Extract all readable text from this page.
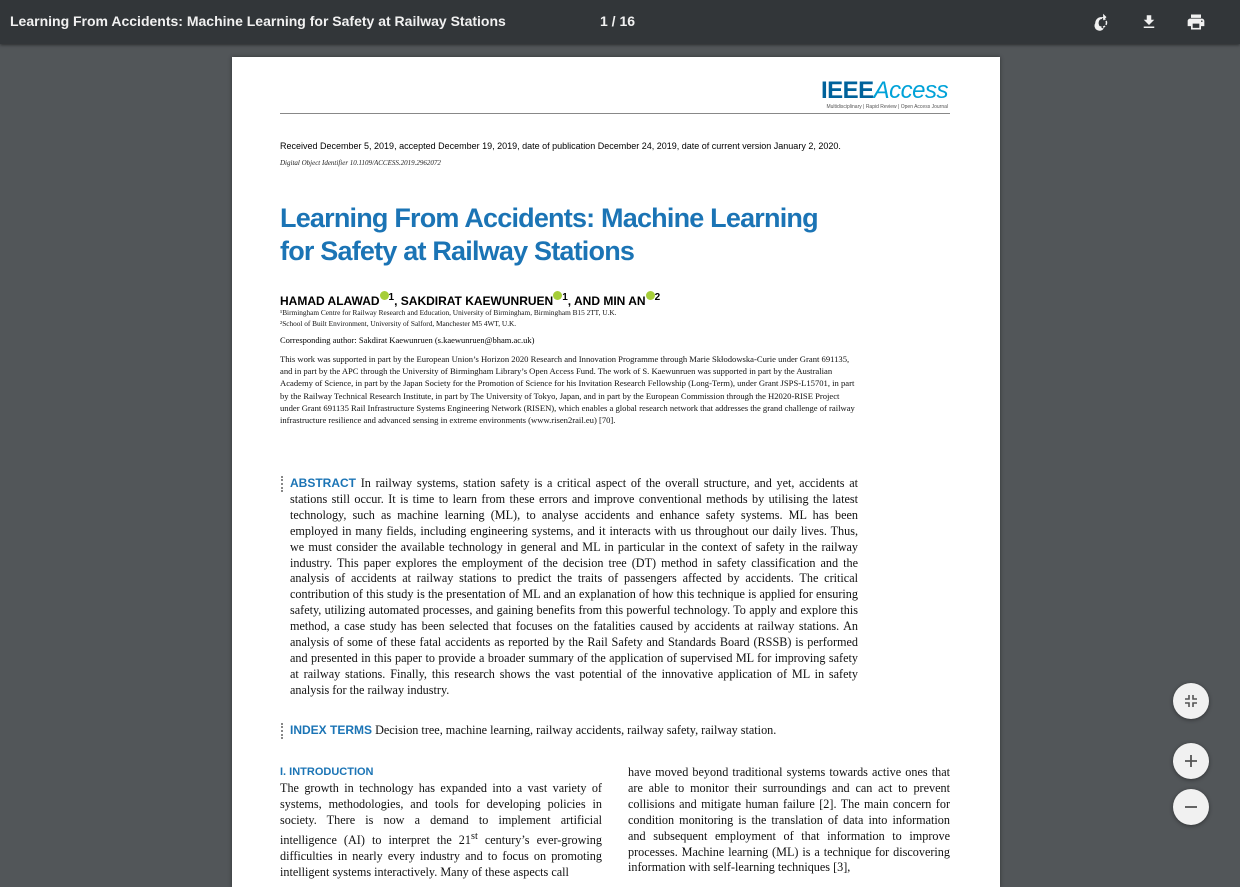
Learning From Accidents: Machine Learning for Safety at Railway Stations	1 / 16
IEEEAccess
Multidisciplinary | Rapid Review | Open Access Journal
Received December 5, 2019, accepted December 19, 2019, date of publication December 24, 2019, date of current version January 2, 2020.
Digital Object Identifier 10.1109/ACCESS.2019.2962072
Learning From Accidents: Machine Learning
for Safety at Railway Stations
HAMAD ALAWAD $^1$, SAKDIRAT KAEWUNRUEN $^1$, AND MIN AN $^2$
¹Birmingham Centre for Railway Research and Education, University of Birmingham, Birmingham B15 2TT, U.K.
²School of Built Environment, University of Salford, Manchester M5 4WT, U.K.
Corresponding author: Sakdirat Kaewunruen (s.kaewunruen@bham.ac.uk)
This work was supported in part by the European Union’s Horizon 2020 Research and Innovation Programme through Marie Skłodowska-Curie under Grant 691135, and in part by the APC through the University of Birmingham Library’s Open Access Fund. The work of S. Kaewunruen was supported in part by the Australian Academy of Science, in part by the Japan Society for the Promotion of Science for his Invitation Research Fellowship (Long-Term), under Grant JSPS-L15701, in part by the Railway Technical Research Institute, in part by The University of Tokyo, Japan, and in part by the European Commission through the H2020-RISE Project under Grant 691135 Rail Infrastructure Systems Engineering Network (RISEN), which enables a global research network that addresses the grand challenge of railway infrastructure resilience and advanced sensing in extreme environments (www.risen2rail.eu) [70].
ABSTRACT In railway systems, station safety is a critical aspect of the overall structure, and yet, accidents at stations still occur. It is time to learn from these errors and improve conventional methods by utilising the latest technology, such as machine learning (ML), to analyse accidents and enhance safety systems. ML has been employed in many fields, including engineering systems, and it interacts with us throughout our daily lives. Thus, we must consider the available technology in general and ML in particular in the context of safety in the railway industry. This paper explores the employment of the decision tree (DT) method in safety classification and the analysis of accidents at railway stations to predict the traits of passengers affected by accidents. The critical contribution of this study is the presentation of ML and an explanation of how this technique is applied for ensuring safety, utilizing automated processes, and gaining benefits from this powerful technology. To apply and explore this method, a case study has been selected that focuses on the fatalities caused by accidents at railway stations. An analysis of some of these fatal accidents as reported by the Rail Safety and Standards Board (RSSB) is performed and presented in this paper to provide a broader summary of the application of supervised ML for improving safety at railway stations. Finally, this research shows the vast potential of the innovative application of ML in safety analysis for the railway industry.
INDEX TERMS Decision tree, machine learning, railway accidents, railway safety, railway station.
I. INTRODUCTION
The growth in technology has expanded into a vast variety of systems, methodologies, and tools for developing policies in society. There is now a demand to implement artificial intelligence (AI) to interpret the 21st century’s ever-growing difficulties in nearly every industry and to focus on promoting intelligent systems interactively. Many of these aspects call
have moved beyond traditional systems towards active ones that are able to monitor their surroundings and can act to prevent collisions and mitigate human failure [2]. The main concern for condition monitoring is the translation of data into information and subsequent employment of that information to improve processes. Machine learning (ML) is a technique for discovering information with self-learning techniques [3],
